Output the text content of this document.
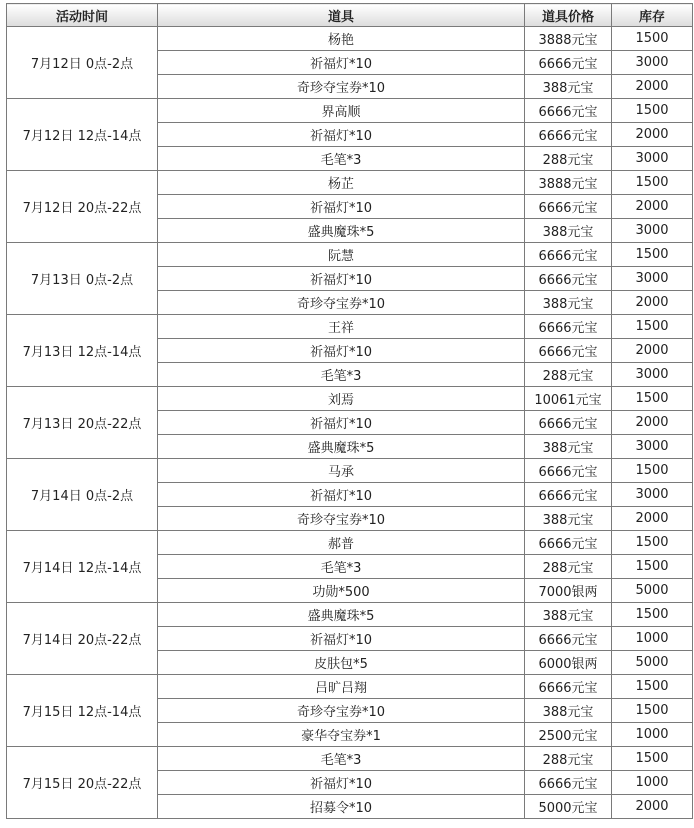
活动时间	道具	道具价格	库存
7月12日 0点-2点	杨艳	3888元宝	1500
	祈福灯*10	6666元宝	3000
	奇珍夺宝券*10	388元宝	2000
7月12日 12点-14点	界高顺	6666元宝	1500
	祈福灯*10	6666元宝	2000
	毛笔*3	288元宝	3000
7月12日 20点-22点	杨芷	3888元宝	1500
	祈福灯*10	6666元宝	2000
	盛典魔珠*5	388元宝	3000
7月13日 0点-2点	阮慧	6666元宝	1500
	祈福灯*10	6666元宝	3000
	奇珍夺宝券*10	388元宝	2000
7月13日 12点-14点	王祥	6666元宝	1500
	祈福灯*10	6666元宝	2000
	毛笔*3	288元宝	3000
7月13日 20点-22点	刘焉	10061元宝	1500
	祈福灯*10	6666元宝	2000
	盛典魔珠*5	388元宝	3000
7月14日 0点-2点	马承	6666元宝	1500
	祈福灯*10	6666元宝	3000
	奇珍夺宝券*10	388元宝	2000
7月14日 12点-14点	郝普	6666元宝	1500
	毛笔*3	288元宝	1500
	功勋*500	7000银两	5000
7月14日 20点-22点	盛典魔珠*5	388元宝	1500
	祈福灯*10	6666元宝	1000
	皮肤包*5	6000银两	5000
7月15日 12点-14点	吕旷吕翔	6666元宝	1500
	奇珍夺宝券*10	388元宝	1500
	豪华夺宝券*1	2500元宝	1000
7月15日 20点-22点	毛笔*3	288元宝	1500
	祈福灯*10	6666元宝	1000
	招募令*10	5000元宝	2000
